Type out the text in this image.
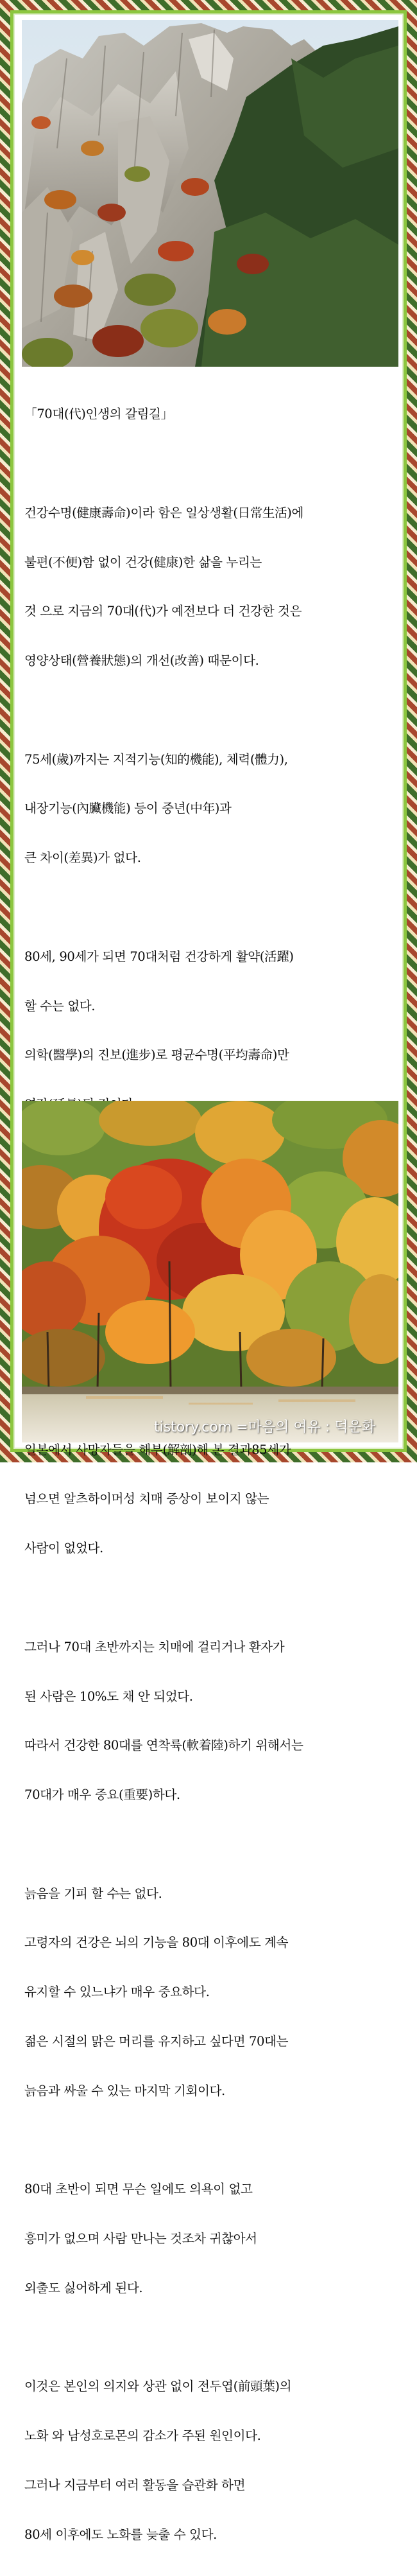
「70대(代)인생의 갈림길」

건강수명(健康壽命)이라 함은 일상생활(日常生活)에

불편(不便)함 없이 건강(健康)한 삶을 누리는

것 으로 지금의 70대(代)가 예전보다 더 건강한 것은

영양상태(營養狀態)의 개선(改善) 때문이다.

75세(歲)까지는 지적기능(知的機能), 체력(體力),

내장기능(內臟機能) 등이 중년(中年)과

큰 차이(差異)가 없다.

80세, 90세가 되면 70대처럼 건강하게 활약(活躍)

할 수는 없다.

의학(醫學)의 진보(進步)로 평균수명(平均壽命)만

일본에서 사망자들을 해부(解剖)해 본 결과85세가

넘으면 알츠하이머성 치매 증상이 보이지 않는

사람이 없었다.

그러나 70대 초반까지는 치매에 걸리거나 환자가

된 사람은 10%도 채 안 되었다.

따라서 건강한 80대를 연착륙(軟着陸)하기 위해서는

70대가 매우 중요(重要)하다.

늙음을 기피 할 수는 없다.

고령자의 건강은 뇌의 기능을 80대 이후에도 계속

유지할 수 있느냐가 매우 중요하다.

젊은 시절의 맑은 머리를 유지하고 싶다면 70대는

늙음과 싸울 수 있는 마지막 기회이다.

80대 초반이 되면 무슨 일에도 의욕이 없고

흥미가 없으며 사람 만나는 것조차 귀찮아서

외출도 싫어하게 된다.

이것은 본인의 의지와 상관 없이 전두엽(前頭葉)의

노화 와 남성호로몬의 감소가 주된 원인이다.

그러나 지금부터 여러 활동을 습관화 하면

80세 이후에도 노화를 늦출 수 있다.

tistory.com =마음의 여유 : 덕운화
